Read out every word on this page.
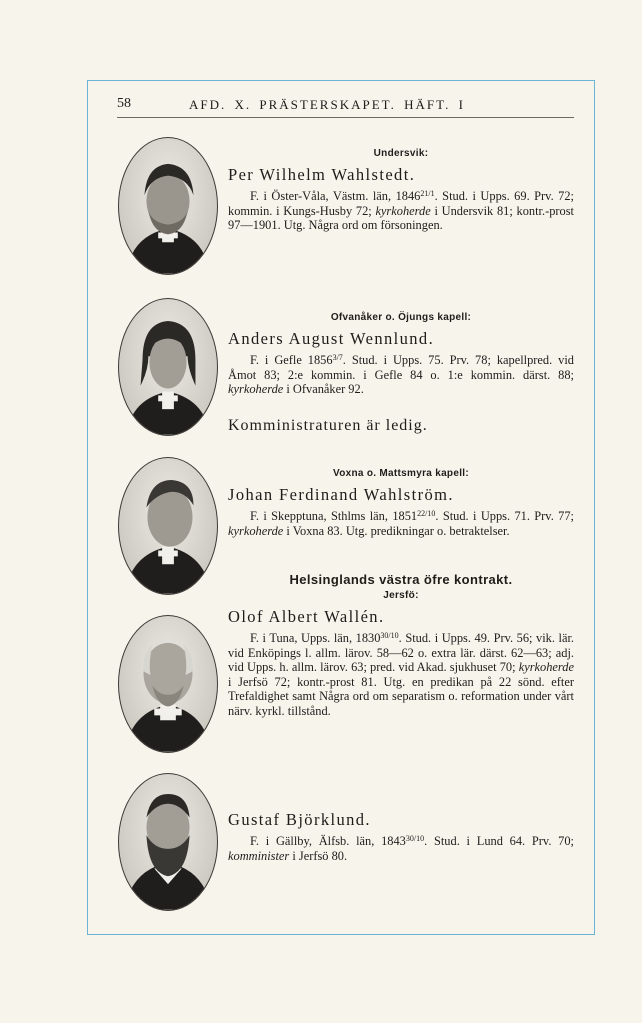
58	AFD. X. PRÄSTERSKAPET. HÄFT. I
Undersvik:
Per Wilhelm Wahlstedt.

F. i Öster-Våla, Västm. län, $1846^{21/1}$. Stud. i Upps. 69. Prv. 72; kommin. i Kungs-Husby 72; kyrkoherde i Undersvik 81; kontr.-prost 97—1901. Utg. Några ord om försoningen.

Ofvanåker o. Öjungs kapell:
Anders August Wennlund.

F. i Gefle $1856^{3/7}$. Stud. i Upps. 75. Prv. 78; kapellpred. vid Åmot 83; 2:e kommin. i Gefle 84 o. 1:e kommin. därst. 88; kyrkoherde i Ofvanåker 92.

Komministraturen är ledig.
Voxna o. Mattsmyra kapell:
Johan Ferdinand Wahlström.

F. i Skepptuna, Sthlms län, $1851^{22/10}$. Stud. i Upps. 71. Prv. 77; kyrkoherde i Voxna 83. Utg. predikningar o. betraktelser.

Helsinglands västra öfre kontrakt.
Jersfö:
Olof Albert Wallén.

F. i Tuna, Upps. län, $1830^{30/10}$. Stud. i Upps. 49. Prv. 56; vik. lär. vid Enköpings l. allm. lärov. 58—62 o. extra lär. därst. 62—63; adj. vid Upps. h. allm. lärov. 63; pred. vid Akad. sjukhuset 70; kyrkoherde i Jerfsö 72; kontr.-prost 81. Utg. en predikan på 22 sönd. efter Trefaldighet samt Några ord om separatism o. reformation under vårt närv. kyrkl. tillstånd.

Gustaf Björklund.

F. i Gällby, Älfsb. län, $1843^{30/10}$. Stud. i Lund 64. Prv. 70; komminister i Jerfsö 80.
